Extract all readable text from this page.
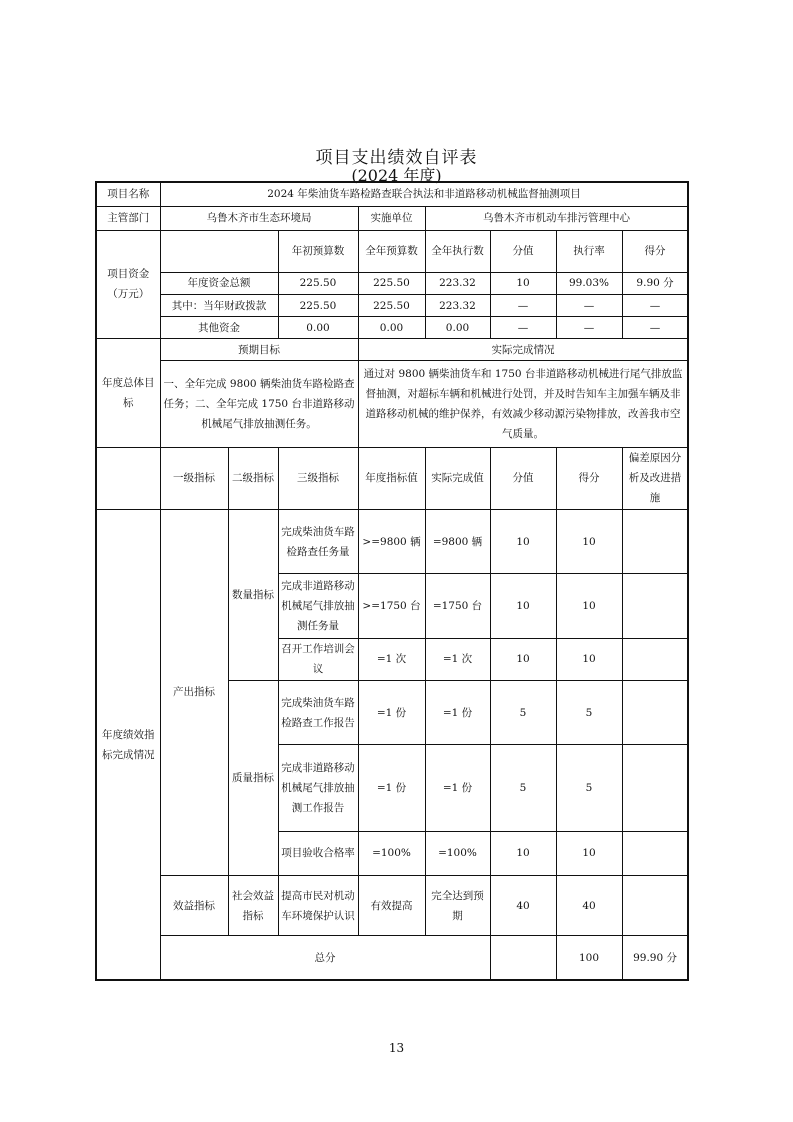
项目支出绩效自评表
(2024 年度)
项目名称	2024 年柴油货车路检路查联合执法和非道路移动机械监督抽测项目								
主管部门	乌鲁木齐市生态环境局			实施单位	乌鲁木齐市机动车排污管理中心				
项目资金（万元）			年初预算数	全年预算数	全年执行数	分值	执行率	得分	
	年度资金总额		225.50	225.50	223.32	10	99.03%	9.90 分	
	其中：当年财政拨款		225.50	225.50	223.32	—	—	—	
	其他资金		0.00	0.00	0.00	—	—	—	
年度总体目标	预期目标			实际完成情况					
	一、全年完成 9800 辆柴油货车路检路查任务；二、全年完成 1750 台非道路移动机械尾气排放抽测任务。			通过对 9800 辆柴油货车和 1750 台非道路移动机械进行尾气排放监督抽测，对超标车辆和机械进行处罚，并及时告知车主加强车辆及非道路移动机械的维护保养，有效减少移动源污染物排放，改善我市空气质量。					
	一级指标	二级指标	三级指标	年度指标值	实际完成值	分值	得分	偏差原因分析及改进措施	
年度绩效指标完成情况	产出指标	数量指标	完成柴油货车路检路查任务量	>=9800 辆	=9800 辆	10	10		
			完成非道路移动机械尾气排放抽测任务量	>=1750 台	=1750 台	10	10		
			召开工作培训会议	=1 次	=1 次	10	10		
		质量指标	完成柴油货车路检路查工作报告	=1 份	=1 份	5	5		
			完成非道路移动机械尾气排放抽测工作报告	=1 份	=1 份	5	5		
			项目验收合格率	=100%	=100%	10	10		
	效益指标	社会效益指标	提高市民对机动车环境保护认识	有效提高	完全达到预期	40	40		
	总分						100	99.90 分	
13
